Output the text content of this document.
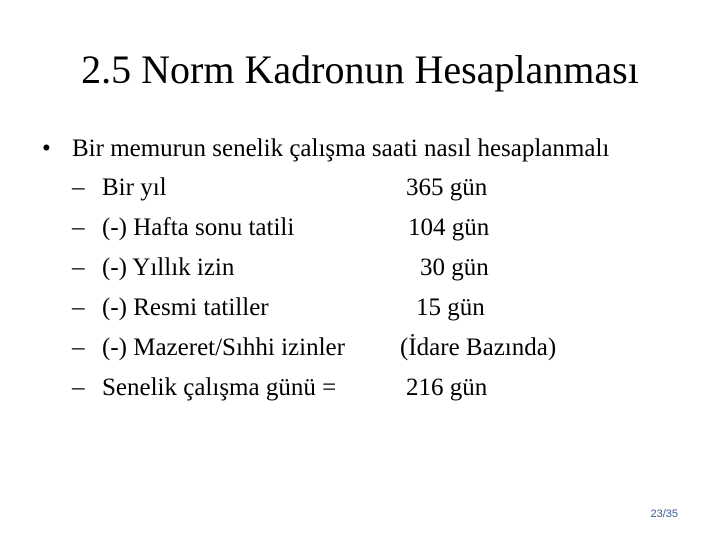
2.5 Norm Kadronun Hesaplanması
• Bir memurun senelik çalışma saati nasıl hesaplanmalı
– Bir yıl	365 gün
– (-) Hafta sonu tatili	104 gün
– (-) Yıllık izin	30 gün
– (-) Resmi tatiller	15 gün
– (-) Mazeret/Sıhhi izinler (İdare Bazında)
– Senelik çalışma günü =	216 gün
23/35
